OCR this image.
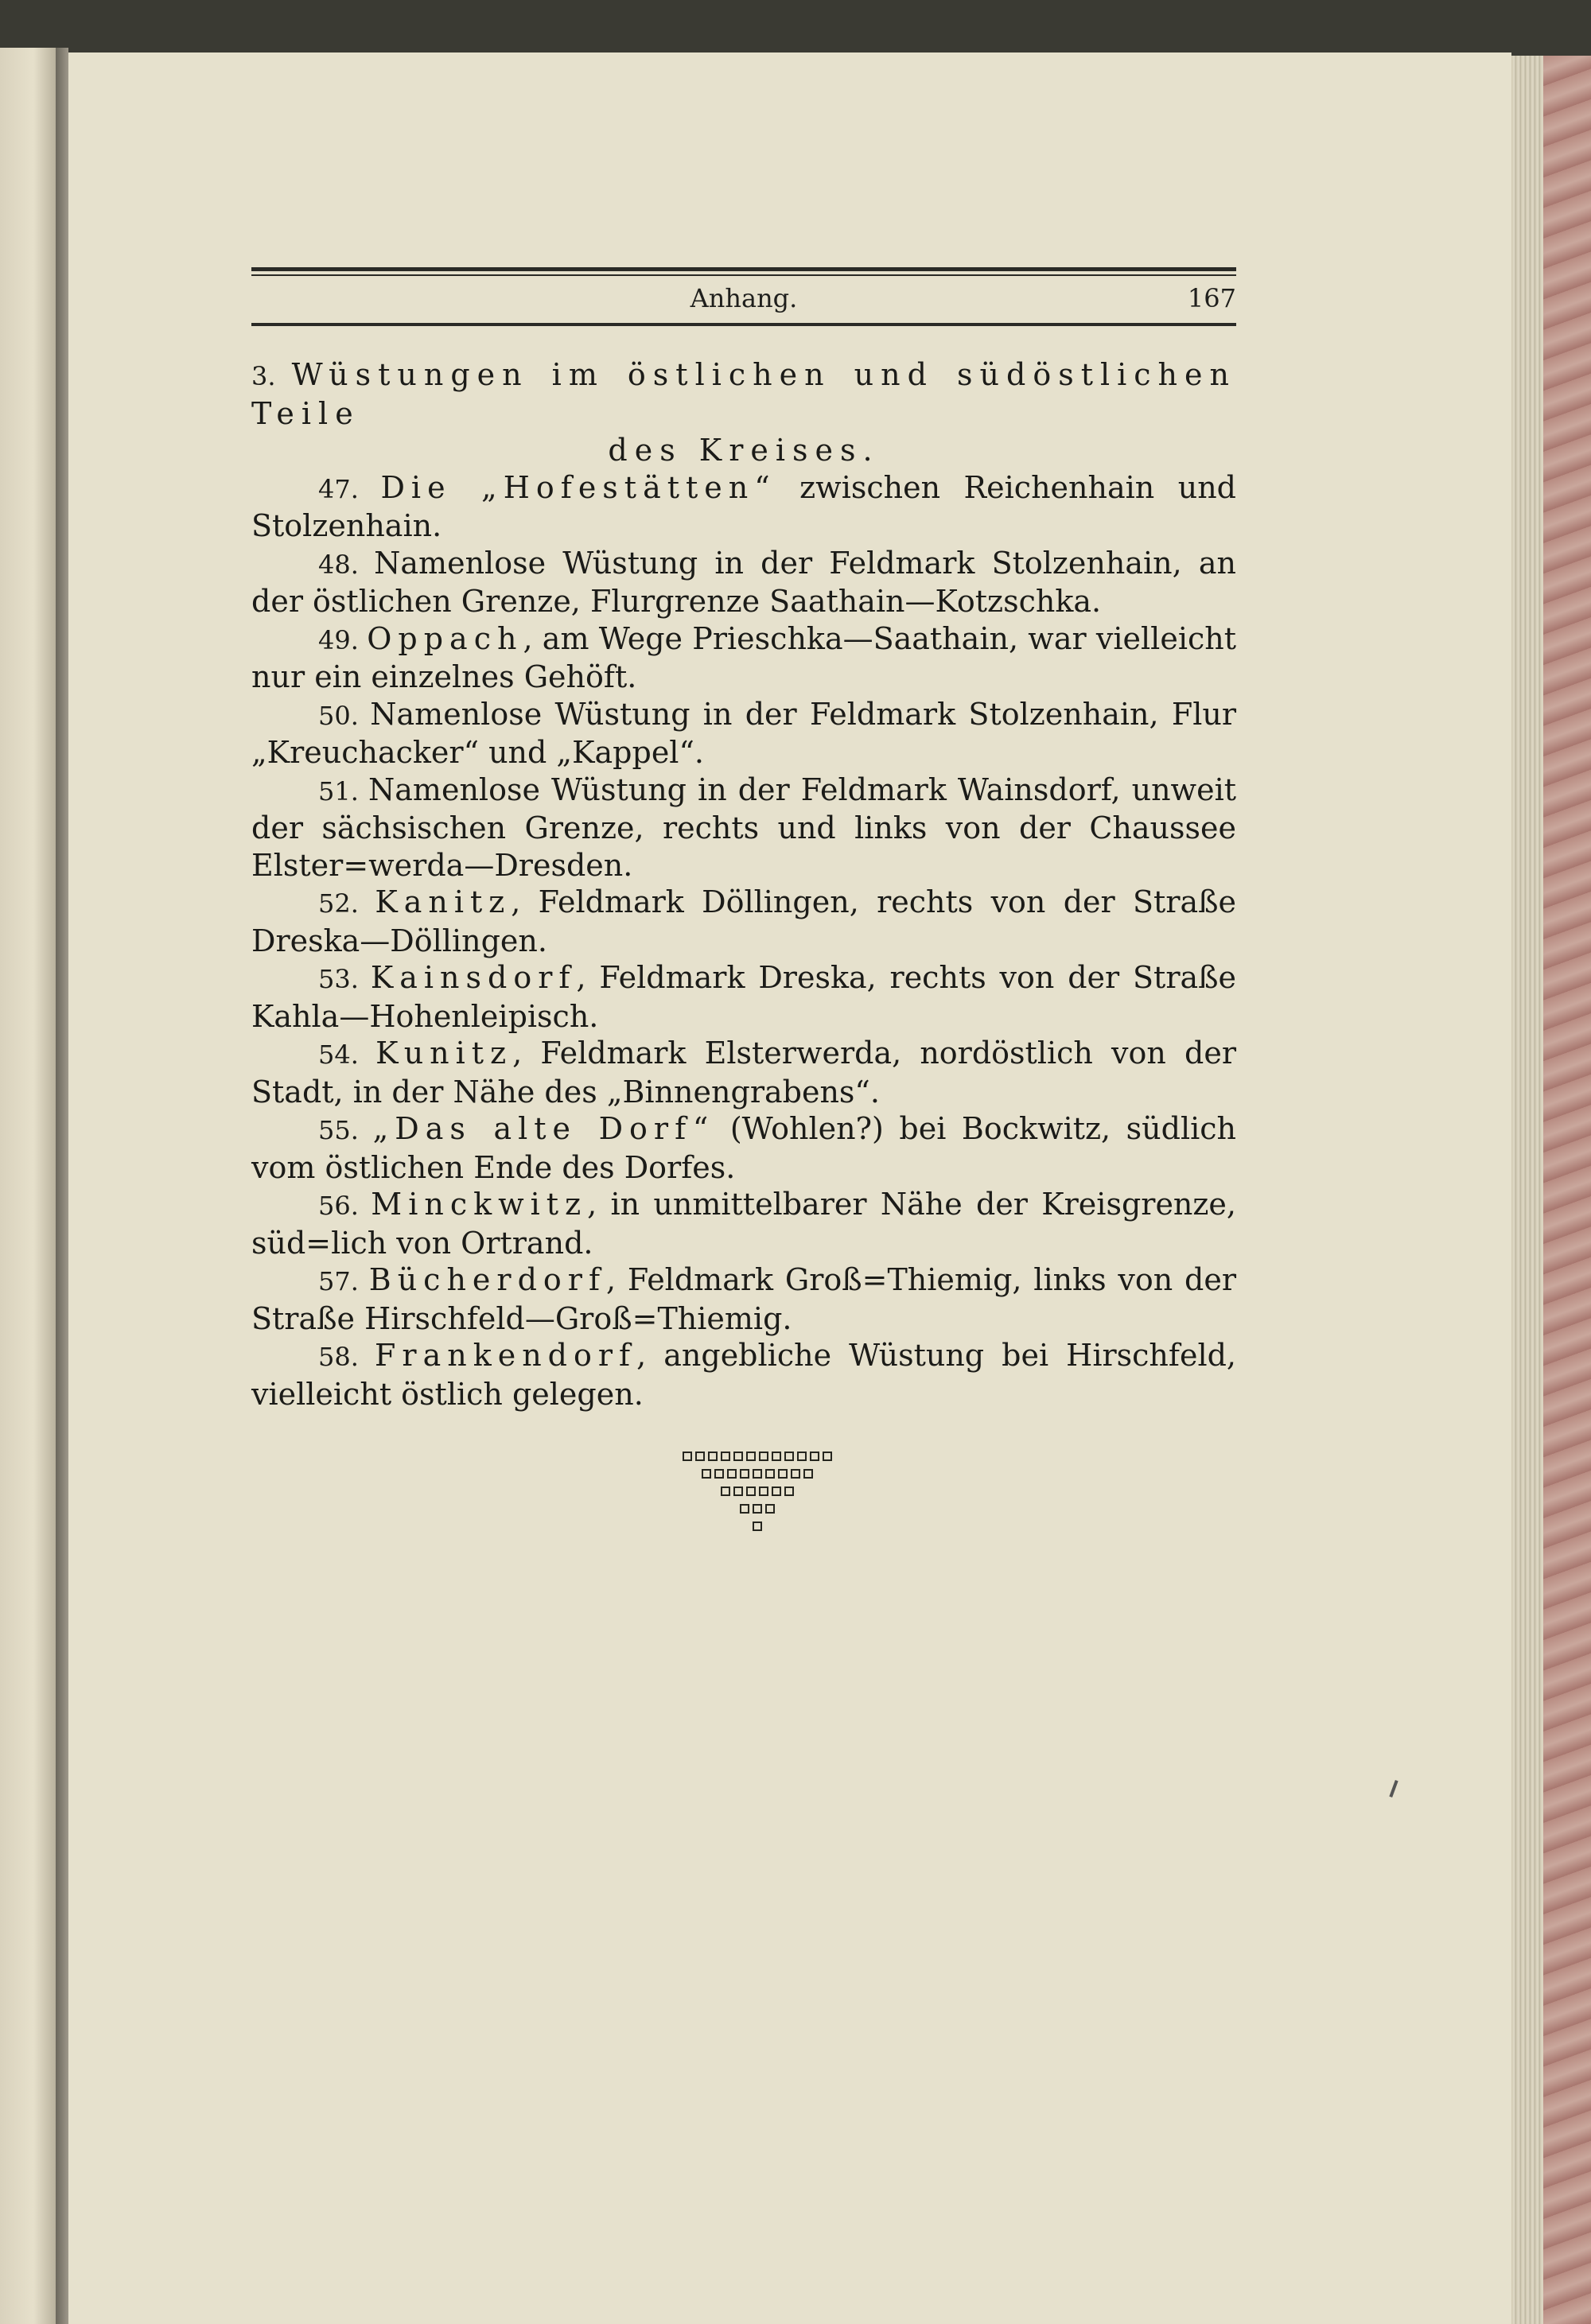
Anhang.	167

3. Wüstungen im östlichen und südöstlichen Teile

des Kreises.

47. Die „Hofestätten“ zwischen Reichenhain und Stolzenhain.

48. Namenlose Wüstung in der Feldmark Stolzenhain, an der östlichen Grenze, Flurgrenze Saathain—Kotzschka.

49. Oppach, am Wege Prieschka—Saathain, war vielleicht nur ein einzelnes Gehöft.

50. Namenlose Wüstung in der Feldmark Stolzenhain, Flur „Kreuchacker“ und „Kappel“.

51. Namenlose Wüstung in der Feldmark Wainsdorf, unweit der sächsischen Grenze, rechts und links von der Chaussee Elster=werda—Dresden.

52. Kanitz, Feldmark Döllingen, rechts von der Straße Dreska—Döllingen.

53. Kainsdorf, Feldmark Dreska, rechts von der Straße Kahla—Hohenleipisch.

54. Kunitz, Feldmark Elsterwerda, nordöstlich von der Stadt, in der Nähe des „Binnengrabens“.

55. „Das alte Dorf“ (Wohlen?) bei Bockwitz, südlich vom östlichen Ende des Dorfes.

56. Minckwitz, in unmittelbarer Nähe der Kreisgrenze, süd=lich von Ortrand.

57. Bücherdorf, Feldmark Groß=Thiemig, links von der Straße Hirschfeld—Groß=Thiemig.

58. Frankendorf, angebliche Wüstung bei Hirschfeld, vielleicht östlich gelegen.
